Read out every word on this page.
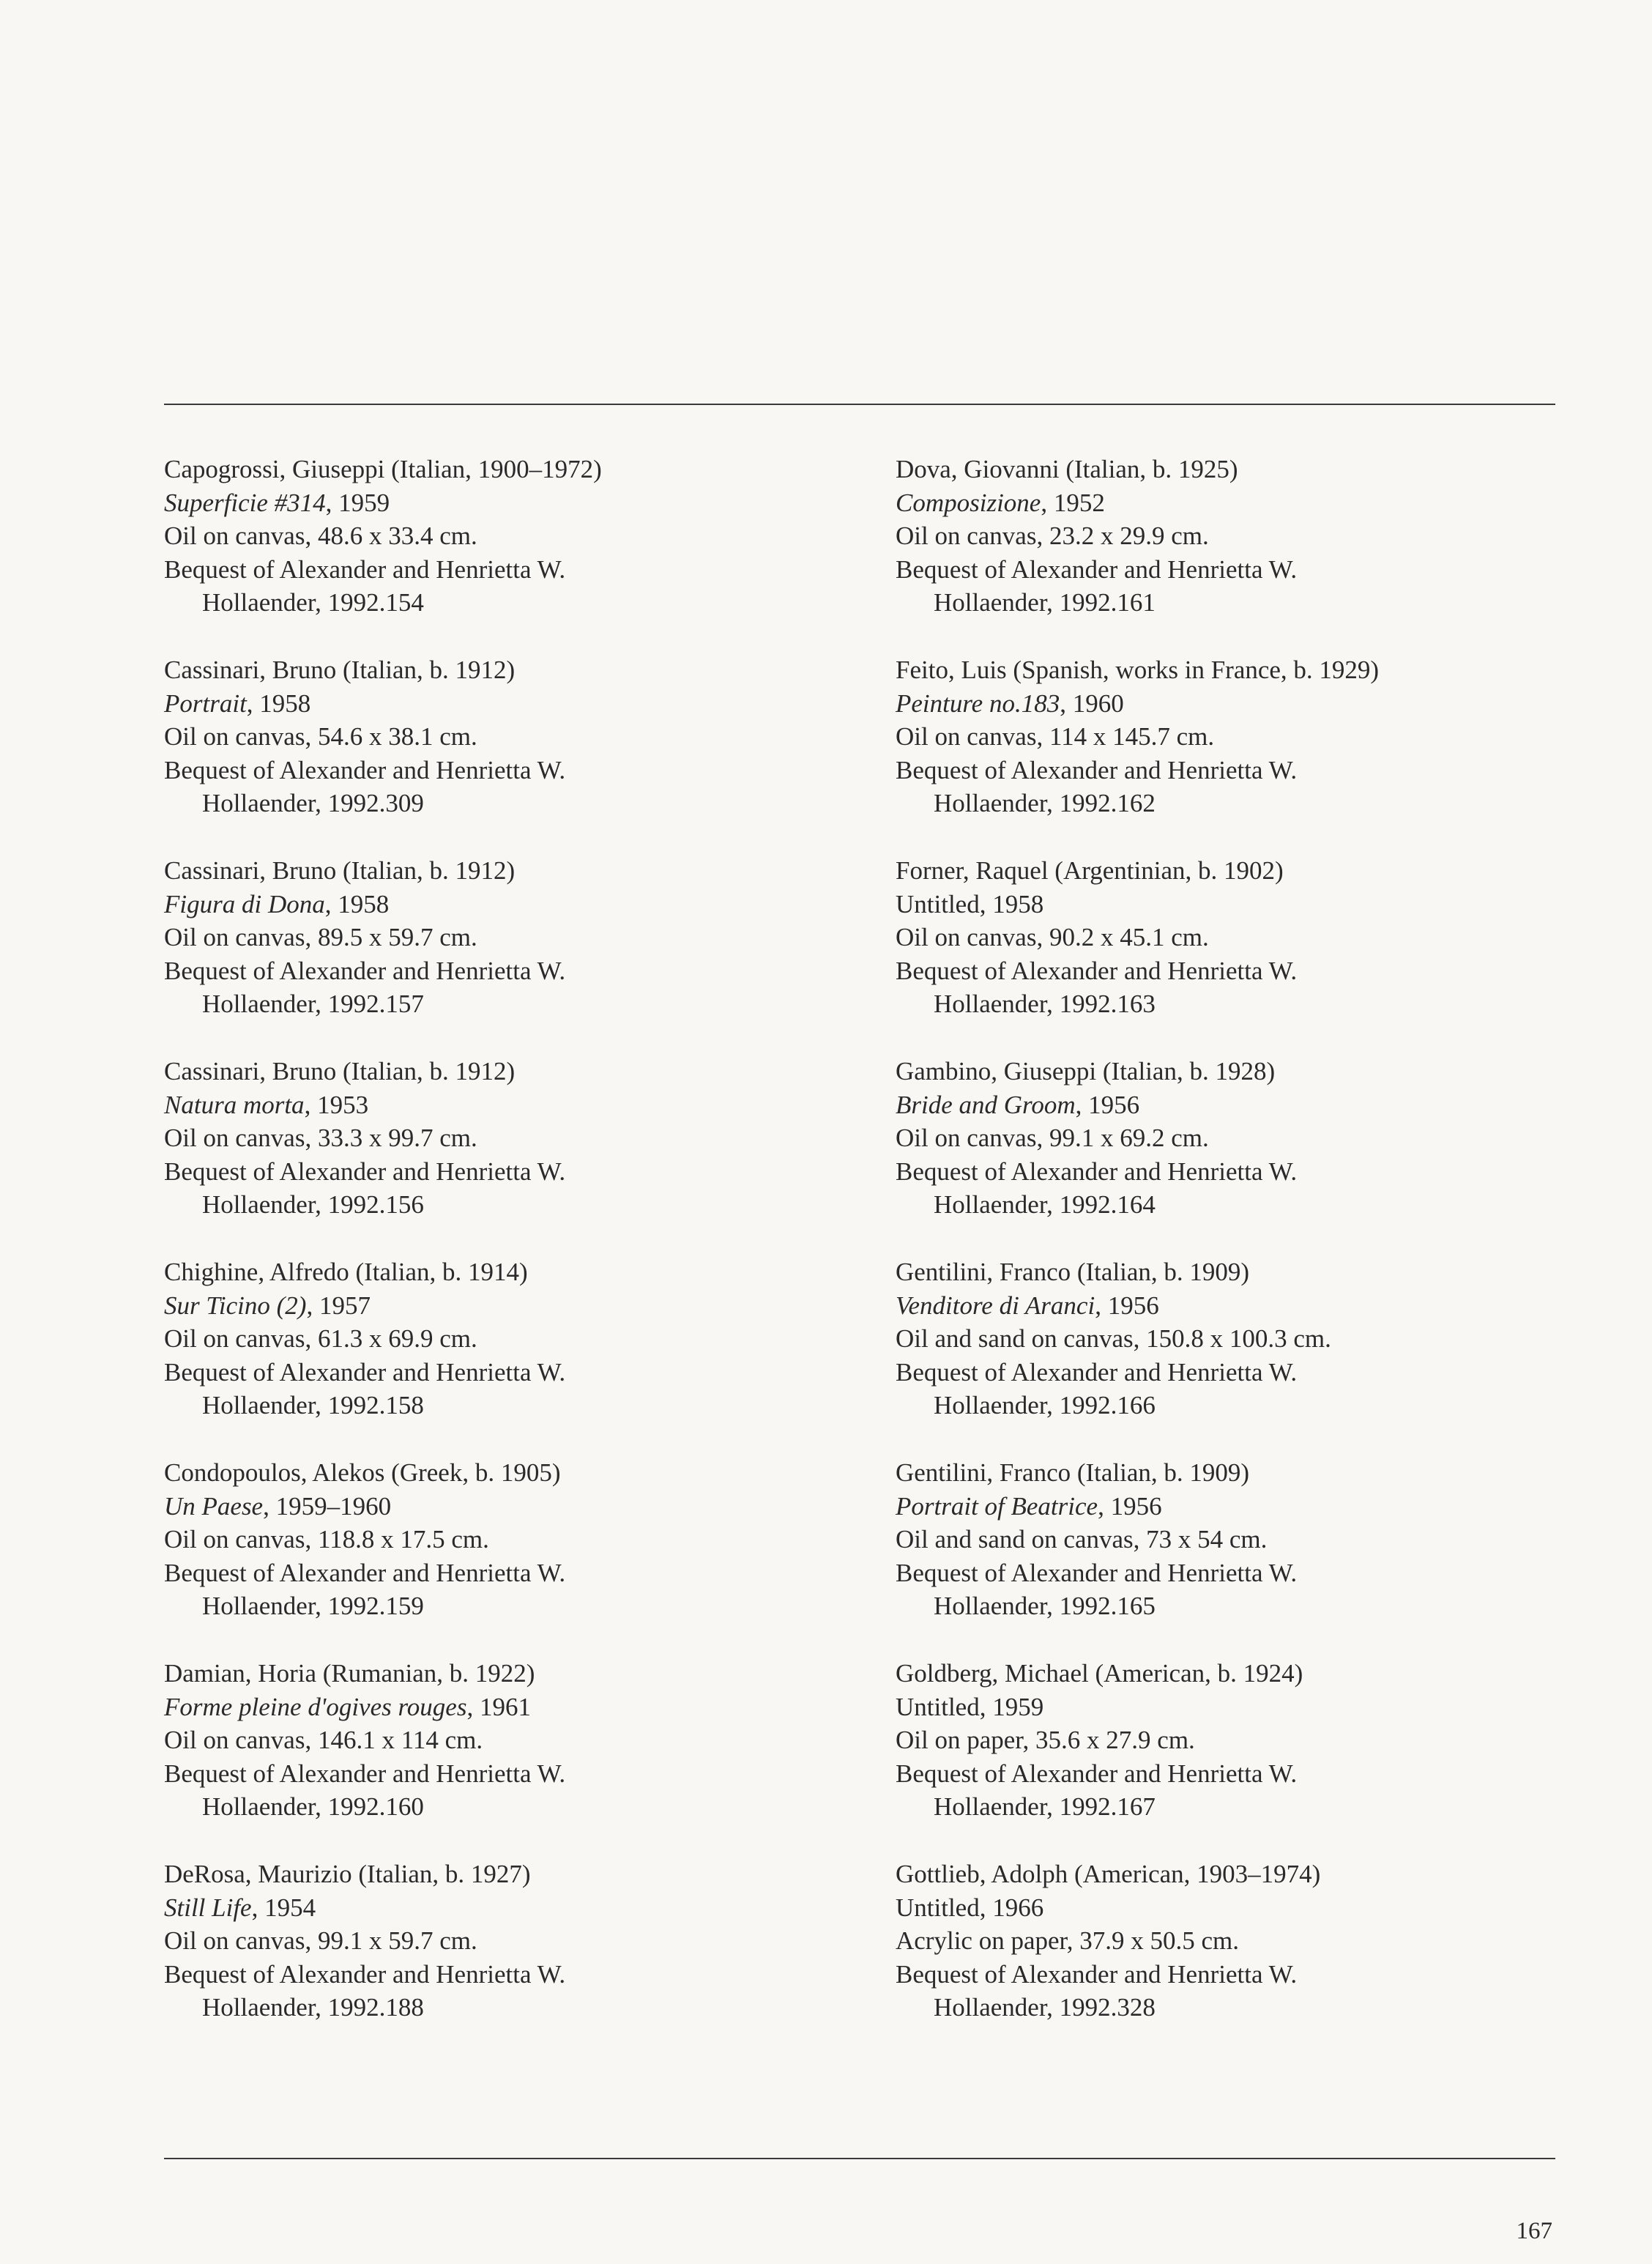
Capogrossi, Giuseppi (Italian, 1900–1972)
Superficie #314, 1959
Oil on canvas, 48.6 x 33.4 cm.
Bequest of Alexander and Henrietta W.
Hollaender, 1992.154
Cassinari, Bruno (Italian, b. 1912)
Portrait, 1958
Oil on canvas, 54.6 x 38.1 cm.
Bequest of Alexander and Henrietta W.
Hollaender, 1992.309
Cassinari, Bruno (Italian, b. 1912)
Figura di Dona, 1958
Oil on canvas, 89.5 x 59.7 cm.
Bequest of Alexander and Henrietta W.
Hollaender, 1992.157
Cassinari, Bruno (Italian, b. 1912)
Natura morta, 1953
Oil on canvas, 33.3 x 99.7 cm.
Bequest of Alexander and Henrietta W.
Hollaender, 1992.156
Chighine, Alfredo (Italian, b. 1914)
Sur Ticino (2), 1957
Oil on canvas, 61.3 x 69.9 cm.
Bequest of Alexander and Henrietta W.
Hollaender, 1992.158
Condopoulos, Alekos (Greek, b. 1905)
Un Paese, 1959–1960
Oil on canvas, 118.8 x 17.5 cm.
Bequest of Alexander and Henrietta W.
Hollaender, 1992.159
Damian, Horia (Rumanian, b. 1922)
Forme pleine d'ogives rouges, 1961
Oil on canvas, 146.1 x 114 cm.
Bequest of Alexander and Henrietta W.
Hollaender, 1992.160
DeRosa, Maurizio (Italian, b. 1927)
Still Life, 1954
Oil on canvas, 99.1 x 59.7 cm.
Bequest of Alexander and Henrietta W.
Hollaender, 1992.188
Dova, Giovanni (Italian, b. 1925)
Composizione, 1952
Oil on canvas, 23.2 x 29.9 cm.
Bequest of Alexander and Henrietta W.
Hollaender, 1992.161
Feito, Luis (Spanish, works in France, b. 1929)
Peinture no.183, 1960
Oil on canvas, 114 x 145.7 cm.
Bequest of Alexander and Henrietta W.
Hollaender, 1992.162
Forner, Raquel (Argentinian, b. 1902)
Untitled, 1958
Oil on canvas, 90.2 x 45.1 cm.
Bequest of Alexander and Henrietta W.
Hollaender, 1992.163
Gambino, Giuseppi (Italian, b. 1928)
Bride and Groom, 1956
Oil on canvas, 99.1 x 69.2 cm.
Bequest of Alexander and Henrietta W.
Hollaender, 1992.164
Gentilini, Franco (Italian, b. 1909)
Venditore di Aranci, 1956
Oil and sand on canvas, 150.8 x 100.3 cm.
Bequest of Alexander and Henrietta W.
Hollaender, 1992.166
Gentilini, Franco (Italian, b. 1909)
Portrait of Beatrice, 1956
Oil and sand on canvas, 73 x 54 cm.
Bequest of Alexander and Henrietta W.
Hollaender, 1992.165
Goldberg, Michael (American, b. 1924)
Untitled, 1959
Oil on paper, 35.6 x 27.9 cm.
Bequest of Alexander and Henrietta W.
Hollaender, 1992.167
Gottlieb, Adolph (American, 1903–1974)
Untitled, 1966
Acrylic on paper, 37.9 x 50.5 cm.
Bequest of Alexander and Henrietta W.
Hollaender, 1992.328
167
